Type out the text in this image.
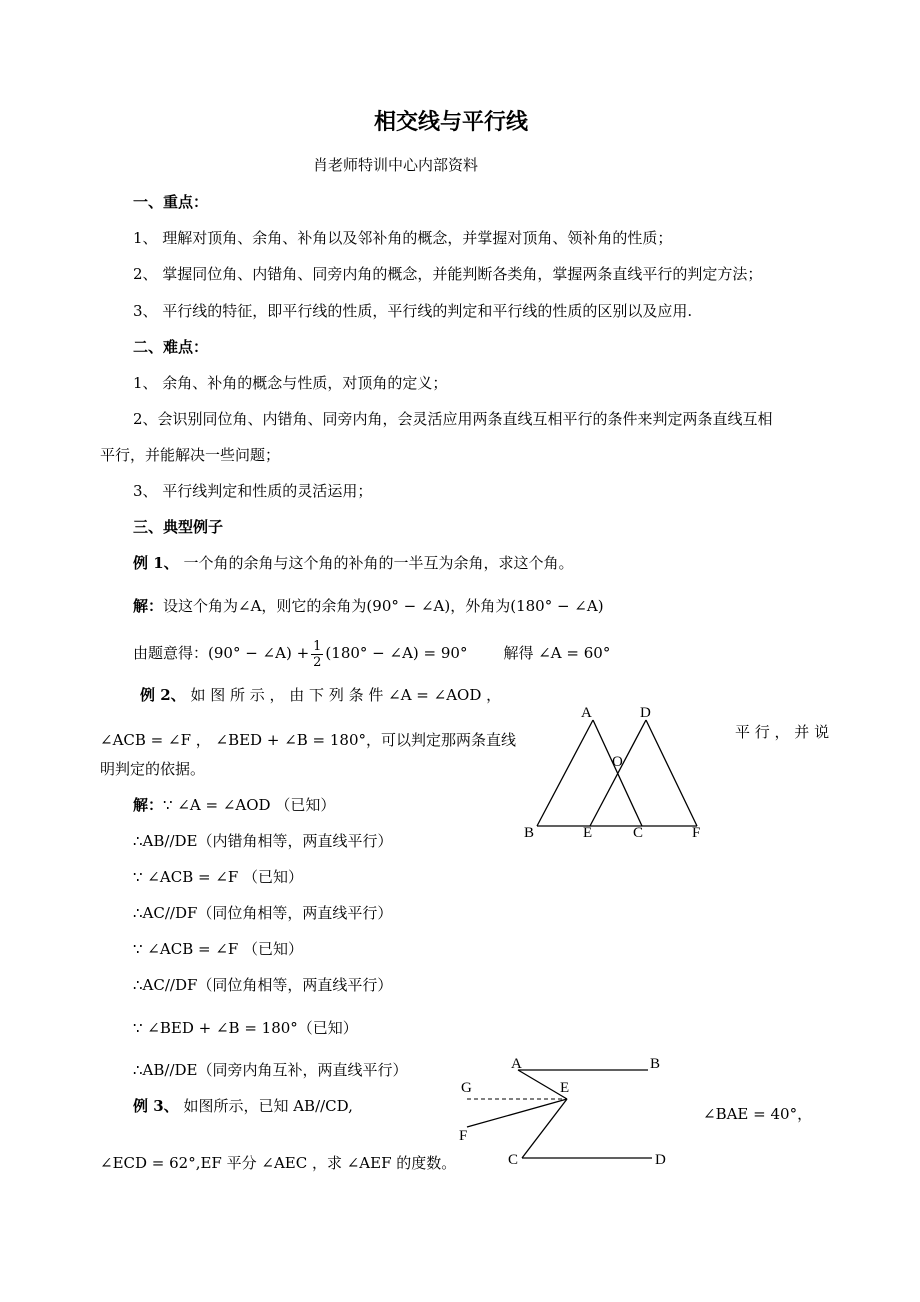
相交线与平行线
肖老师特训中心内部资料
一、重点：
1、 理解对顶角、余角、补角以及邻补角的概念，并掌握对顶角、领补角的性质；
2、 掌握同位角、内错角、同旁内角的概念，并能判断各类角，掌握两条直线平行的判定方法；
3、 平行线的特征，即平行线的性质，平行线的判定和平行线的性质的区别以及应用.
二、难点：
1、 余角、补角的概念与性质，对顶角的定义；
2、会识别同位角、内错角、同旁内角，会灵活应用两条直线互相平行的条件来判定两条直线互相
平行，并能解决一些问题；
3、 平行线判定和性质的灵活运用；
三、典型例子
例 1、 一个角的余角与这个角的补角的一半互为余角，求这个角。
解：设这个角为∠A，则它的余角为(90° − ∠A)，外角为(180° − ∠A)
由题意得：(90° − ∠A) + $\frac{1}{2} (180^\circ$ − ∠A) = 90° 解得 ∠A = 60°
例 2、 如 图 所 示 ， 由 下 列 条 件 ∠A = ∠AOD ，
∠ACB = ∠F ， ∠BED + ∠B = 180°，可以判定那两条直线	平 行 ， 并 说
明判定的依据。
解：∵ ∠A = ∠AOD （已知）
∴AB//DE（内错角相等，两直线平行）
∵ ∠ACB = ∠F （已知）
∴AC//DF（同位角相等，两直线平行）
∵ ∠ACB = ∠F （已知）
∴AC//DF（同位角相等，两直线平行）
∵ ∠BED + ∠B = 180°（已知）
∴AB//DE（同旁内角互补，两直线平行）
例 3、 如图所示，已知 AB//CD,	∠BAE = 40°，
∠ECD = 62°,EF 平分 ∠AEC ，求 ∠AEF 的度数。
A	D
O
B	E	C	F
A	B
G	E
F
C	D
